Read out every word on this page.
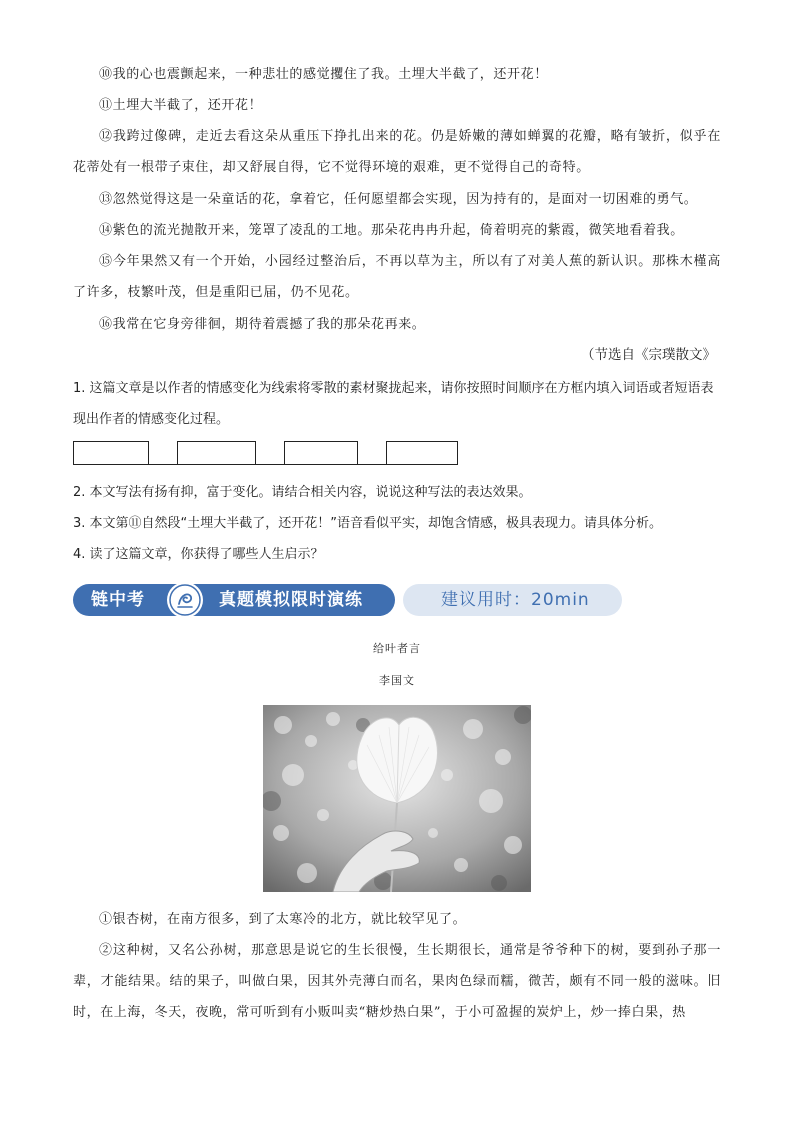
⑩我的心也震颤起来，一种悲壮的感觉攫住了我。土埋大半截了，还开花！

⑪土埋大半截了，还开花！

⑫我跨过像碑，走近去看这朵从重压下挣扎出来的花。仍是娇嫩的薄如蝉翼的花瓣，略有皱折，似乎在花蒂处有一根带子束住，却又舒展自得，它不觉得环境的艰难，更不觉得自己的奇特。

⑬忽然觉得这是一朵童话的花，拿着它，任何愿望都会实现，因为持有的，是面对一切困难的勇气。

⑭紫色的流光抛散开来，笼罩了凌乱的工地。那朵花冉冉升起，倚着明亮的紫霞，微笑地看着我。

⑮今年果然又有一个开始，小园经过整治后，不再以草为主，所以有了对美人蕉的新认识。那株木槿高了许多，枝繁叶茂，但是重阳已届，仍不见花。

⑯我常在它身旁徘徊，期待着震撼了我的那朵花再来。

（节选自《宗璞散文》

1. 这篇文章是以作者的情感变化为线索将零散的素材聚拢起来，请你按照时间顺序在方框内填入词语或者短语表现出作者的情感变化过程。

2. 本文写法有扬有抑，富于变化。请结合相关内容，说说这种写法的表达效果。

3. 本文第⑪自然段“土埋大半截了，还开花！”语音看似平实，却饱含情感，极具表现力。请具体分析。

4. 读了这篇文章，你获得了哪些人生启示？

链中考	真题模拟限时演练	建议用时：20min
给叶者言
李国文

①银杏树，在南方很多，到了太寒冷的北方，就比较罕见了。

②这种树，又名公孙树，那意思是说它的生长很慢，生长期很长，通常是爷爷种下的树，要到孙子那一辈，才能结果。结的果子，叫做白果，因其外壳薄白而名，果肉色绿而糯，微苦，颇有不同一般的滋味。旧时，在上海，冬天，夜晚，常可听到有小贩叫卖“糖炒热白果”，于小可盈握的炭炉上，炒一捧白果，热
